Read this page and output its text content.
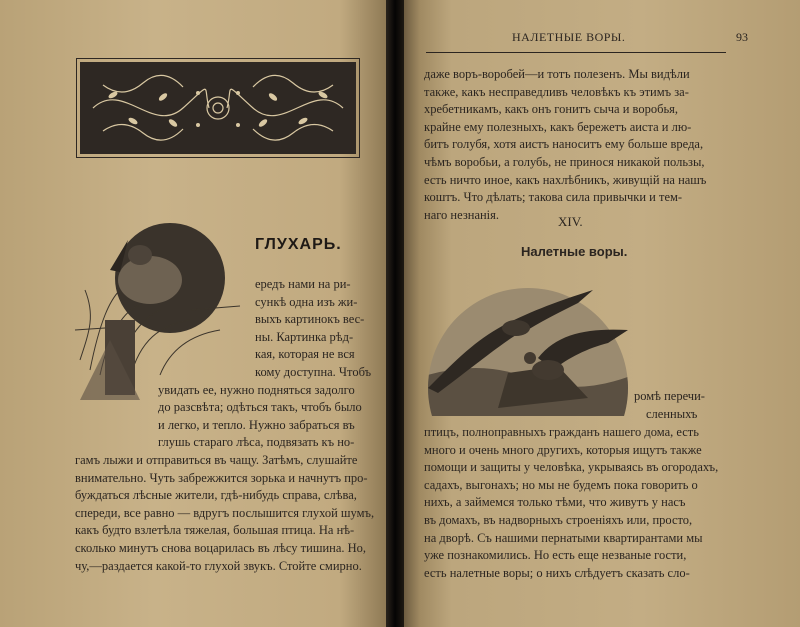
ГЛУХАРЬ.
ередъ нами на ри-
сункѣ одна изъ жи-
выхъ картинокъ вес-
ны. Картинка рѣд-
кая, которая не вся
кому доступна. Чтобъ
увидать ее, нужно подняться задолго
до разсвѣта; одѣться такъ, чтобъ было
и легко, и тепло. Нужно забраться въ
глушь стараго лѣса, подвязать къ но-
гамъ лыжи и отправиться въ чащу. Затѣмъ, слушайте
внимательно. Чуть забрежжится зорька и начнутъ про-
буждаться лѣсные жители, гдѣ-нибудь справа, слѣва,
спереди, все равно — вдругъ послышится глухой шумъ,
какъ будто взлетѣла тяжелая, большая птица. На нѣ-
сколько минутъ снова воцарилась въ лѣсу тишина. Но,
чу,—раздается какой-то глухой звукъ. Стойте смирно.
НАЛЕТНЫЕ ВОРЫ.	93
даже воръ-воробей—и тотъ полезенъ. Мы видѣли
также, какъ несправедливъ человѣкъ къ этимъ за-
хребетникамъ, какъ онъ гонитъ сыча и воробья,
крайне ему полезныхъ, какъ бережетъ аиста и лю-
битъ голубя, хотя аистъ наноситъ ему больше вреда,
чѣмъ воробьи, а голубь, не принося никакой пользы,
есть ничто иное, какъ нахлѣбникъ, живущій на нашъ
коштъ. Что дѣлать; такова сила привычки и тем-
наго незнанія.	XIV.
Налетные воры.
ромѣ перечи-
сленныхъ
птицъ, полноправныхъ гражданъ нашего дома, есть
много и очень много другихъ, которыя ищутъ также
помощи и защиты у человѣка, укрываясь въ огородахъ,
садахъ, выгонахъ; но мы не будемъ пока говорить о
нихъ, а займемся только тѣми, что живутъ у насъ
въ домахъ, въ надворныхъ строеніяхъ или, просто,
на дворѣ. Съ нашими пернатыми квартирантами мы
уже познакомились. Но есть еще незваные гости,
есть налетные воры; о нихъ слѣдуетъ сказать сло-
